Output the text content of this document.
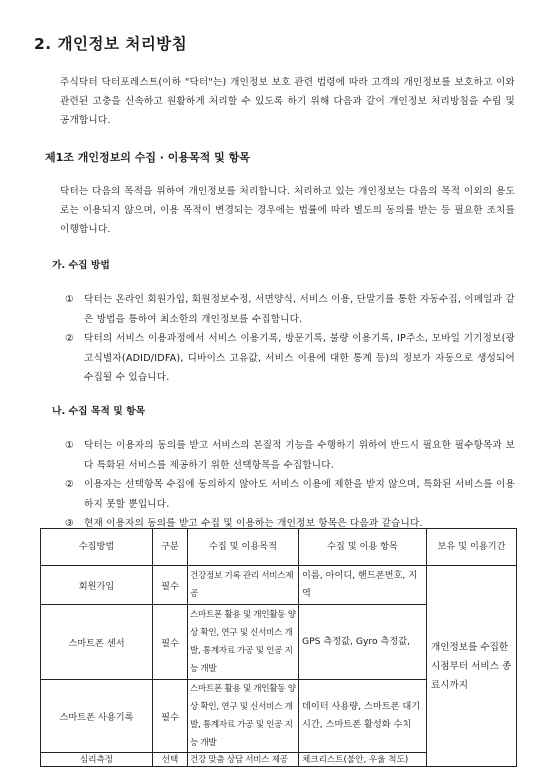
2. 개인정보 처리방침

주식닥터 닥터포레스트(이하 "닥터"는) 개인정보 보호 관련 법령에 따라 고객의 개인정보를 보호하고 이와 관련된 고충을 신속하고 원활하게 처리할 수 있도록 하기 위해 다음과 같이 개인정보 처리방침을 수립 및 공개합니다.

제1조 개인정보의 수집 · 이용목적 및 항목

닥터는 다음의 목적을 위하여 개인정보를 처리합니다. 처리하고 있는 개인정보는 다음의 목적 이외의 용도로는 이용되지 않으며, 이용 목적이 변경되는 경우에는 법률에 따라 별도의 동의를 받는 등 필요한 조치를 이행합니다.

가. 수집 방법
①	닥터는 온라인 회원가입, 회원정보수정, 서면양식, 서비스 이용, 단말기를 통한 자동수집, 이메일과 같은 방법을 통하여 최소한의 개인정보를 수집합니다.
②	닥터의 서비스 이용과정에서 서비스 이용기록, 방문기록, 불량 이용기록, IP주소, 모바일 기기정보(광고식별자(ADID/IDFA), 디바이스 고유값, 서비스 이용에 대한 통계 등)의 정보가 자동으로 생성되어 수집될 수 있습니다.
나. 수집 목적 및 항목
①	닥터는 이용자의 동의를 받고 서비스의 본질적 기능을 수행하기 위하여 반드시 필요한 필수항목과 보다 특화된 서비스를 제공하기 위한 선택항목을 수집합니다.
②	이용자는 선택항목 수집에 동의하지 않아도 서비스 이용에 제한을 받지 않으며, 특화된 서비스를 이용하지 못할 뿐입니다.
③	현재 이용자의 동의를 받고 수집 및 이용하는 개인정보 항목은 다음과 같습니다.
수집방법	구분	수집 및 이용목적	수집 및 이용 항목	보유 및 이용기간
회원가입	필수	건강정보 기록 관리 서비스제공	이름, 아이디, 핸드폰번호, 지역	개인정보를 수집한 시점부터 서비스 종료시까지
스마트폰 센서	필수	스마트폰 활용 및 개인활동 양상 확인, 연구 및 신서비스 개발, 통계자료 가공 및 인공 지능 개발	GPS 측정값, Gyro 측정값,	
스마트폰 사용기록	필수	스마트폰 활용 및 개인활동 양상 확인, 연구 및 신서비스 개발, 통계자료 가공 및 인공 지능 개발	데이터 사용량, 스마트폰 대기시간, 스마트폰 활성화 수치	
심리측정	선택	건강 맞춤 상담 서비스 제공	체크리스트(불안, 우울 척도)	
